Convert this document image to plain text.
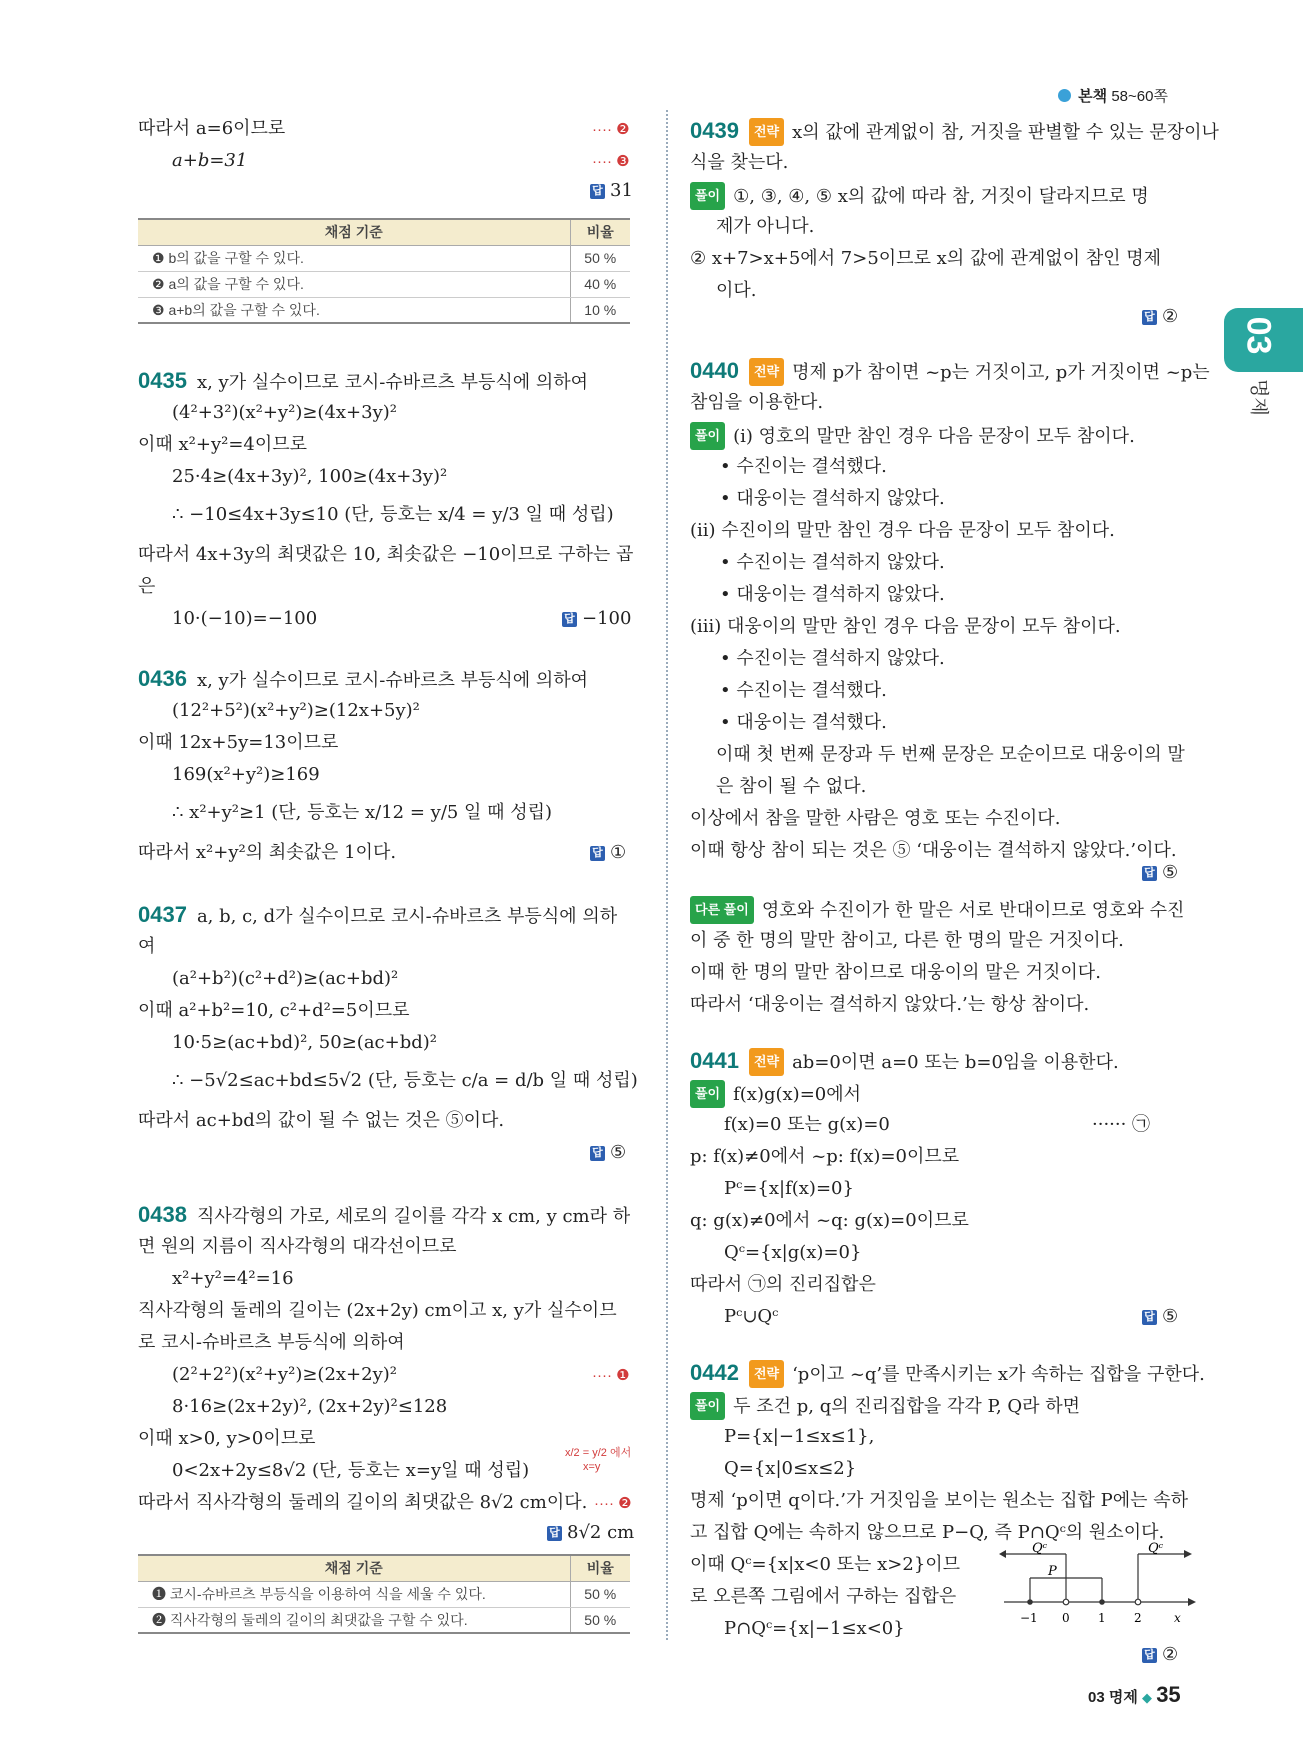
본책 58~60쪽
03
명제
따라서 a=6이므로	···· ❷
a+b=31	···· ❸
답 31
채점 기준	비율
❶ b의 값을 구할 수 있다.	50 %
❷ a의 값을 구할 수 있다.	40 %
❸ a+b의 값을 구할 수 있다.	10 %
0435 x, y가 실수이므로 코시-슈바르츠 부등식에 의하여
(4²+3²)(x²+y²)≥(4x+3y)²
이때 x²+y²=4이므로
25·4≥(4x+3y)², 100≥(4x+3y)²
∴ −10≤4x+3y≤10 (단, 등호는 x/4 = y/3 일 때 성립)
따라서 4x+3y의 최댓값은 10, 최솟값은 −10이므로 구하는 곱
은
10·(−10)=−100	답 −100
0436 x, y가 실수이므로 코시-슈바르츠 부등식에 의하여
(12²+5²)(x²+y²)≥(12x+5y)²
이때 12x+5y=13이므로
169(x²+y²)≥169
∴ x²+y²≥1 (단, 등호는 x/12 = y/5 일 때 성립)
따라서 x²+y²의 최솟값은 1이다.	답 ①
0437 a, b, c, d가 실수이므로 코시-슈바르츠 부등식에 의하
여
(a²+b²)(c²+d²)≥(ac+bd)²
이때 a²+b²=10, c²+d²=5이므로
10·5≥(ac+bd)², 50≥(ac+bd)²
∴ −5√2≤ac+bd≤5√2 (단, 등호는 c/a = d/b 일 때 성립)
따라서 ac+bd의 값이 될 수 없는 것은 ⑤이다.
답 ⑤
0438 직사각형의 가로, 세로의 길이를 각각 x cm, y cm라 하
면 원의 지름이 직사각형의 대각선이므로
x²+y²=4²=16
직사각형의 둘레의 길이는 (2x+2y) cm이고 x, y가 실수이므
로 코시-슈바르츠 부등식에 의하여
(2²+2²)(x²+y²)≥(2x+2y)²	···· ❶
8·16≥(2x+2y)², (2x+2y)²≤128
이때 x>0, y>0이므로
0<2x+2y≤8√2 (단, 등호는 x=y일 때 성립)
x/2 = y/2 에서
x=y
따라서 직사각형의 둘레의 길이의 최댓값은 8√2 cm이다. ···· ❷
답 8√2 cm
채점 기준	비율
❶ 코시-슈바르츠 부등식을 이용하여 식을 세울 수 있다.	50 %
❷ 직사각형의 둘레의 길이의 최댓값을 구할 수 있다.	50 %
0439 전략 x의 값에 관계없이 참, 거짓을 판별할 수 있는 문장이나
식을 찾는다.
풀이 ①, ③, ④, ⑤ x의 값에 따라 참, 거짓이 달라지므로 명
제가 아니다.
② x+7>x+5에서 7>5이므로 x의 값에 관계없이 참인 명제
이다.
답 ②
0440 전략 명제 p가 참이면 ~p는 거짓이고, p가 거짓이면 ~p는
참임을 이용한다.
풀이 (i) 영호의 말만 참인 경우 다음 문장이 모두 참이다.
• 수진이는 결석했다.
• 대웅이는 결석하지 않았다.
(ii) 수진이의 말만 참인 경우 다음 문장이 모두 참이다.
• 수진이는 결석하지 않았다.
• 대웅이는 결석하지 않았다.
(iii) 대웅이의 말만 참인 경우 다음 문장이 모두 참이다.
• 수진이는 결석하지 않았다.
• 수진이는 결석했다.
• 대웅이는 결석했다.
이때 첫 번째 문장과 두 번째 문장은 모순이므로 대웅이의 말
은 참이 될 수 없다.
이상에서 참을 말한 사람은 영호 또는 수진이다.
이때 항상 참이 되는 것은 ⑤ ‘대웅이는 결석하지 않았다.’이다.
답 ⑤
다른 풀이 영호와 수진이가 한 말은 서로 반대이므로 영호와 수진
이 중 한 명의 말만 참이고, 다른 한 명의 말은 거짓이다.
이때 한 명의 말만 참이므로 대웅이의 말은 거짓이다.
따라서 ‘대웅이는 결석하지 않았다.’는 항상 참이다.
0441 전략 ab=0이면 a=0 또는 b=0임을 이용한다.
풀이 f(x)g(x)=0에서
f(x)=0 또는 g(x)=0	······ ㉠
p: f(x)≠0에서 ~p: f(x)=0이므로
Pᶜ={x|f(x)=0}
q: g(x)≠0에서 ~q: g(x)=0이므로
Qᶜ={x|g(x)=0}
따라서 ㉠의 진리집합은
Pᶜ∪Qᶜ	답 ⑤
0442 전략 ‘p이고 ~q’를 만족시키는 x가 속하는 집합을 구한다.
풀이 두 조건 p, q의 진리집합을 각각 P, Q라 하면
P={x|−1≤x≤1},
Q={x|0≤x≤2}
명제 ‘p이면 q이다.’가 거짓임을 보이는 원소는 집합 P에는 속하
고 집합 Q에는 속하지 않으므로 P−Q, 즉 P∩Qᶜ의 원소이다.
이때 Qᶜ={x|x<0 또는 x>2}이므
로 오른쪽 그림에서 구하는 집합은
P∩Qᶜ={x|−1≤x<0}
Qᶜ
P
Qᶜ
−1 0 1 2	x
답 ②
03 명제 ◆ 35
